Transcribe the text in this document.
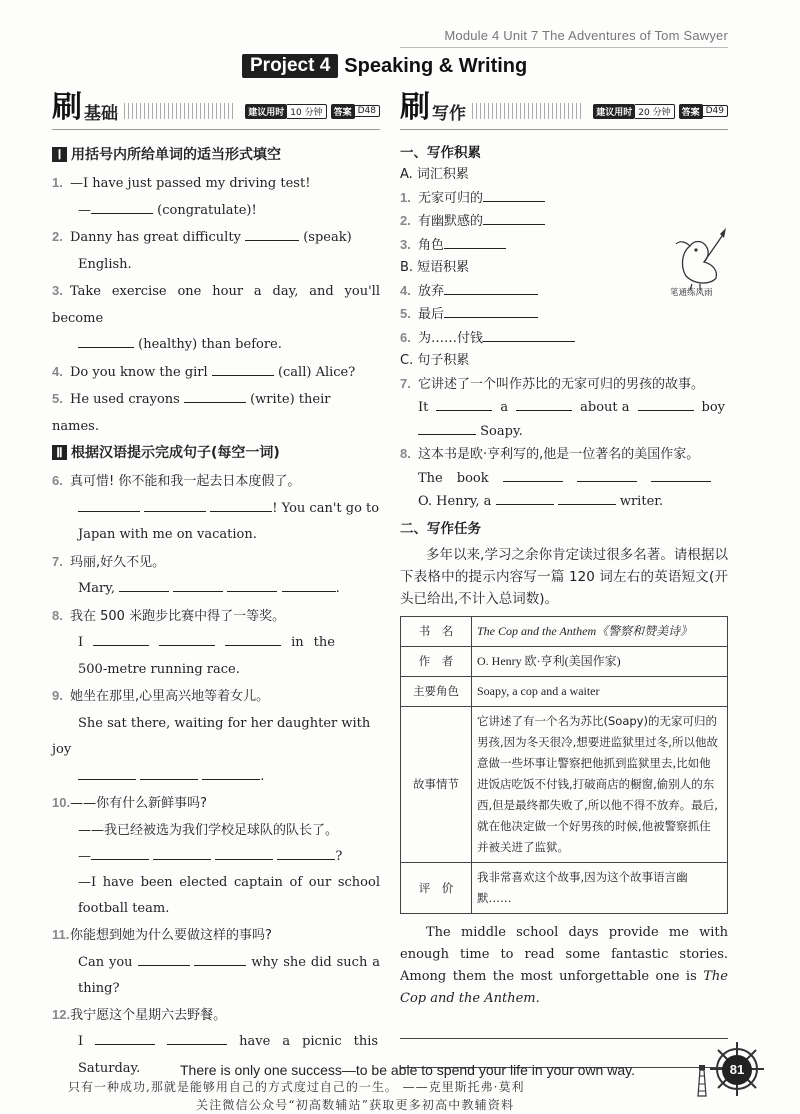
Module 4 Unit 7 The Adventures of Tom Sawyer
Project 4 Speaking & Writing
刷 基础	建议用时 10 分钟	答案 D48
Ⅰ 用括号内所给单词的适当形式填空
1. —I have just passed my driving test!
—	(congratulate)!
2. Danny has great difficulty	(speak)
English.
3. Take exercise one hour a day, and you'll become
(healthy) than before.
4. Do you know the girl	(call) Alice?
5. He used crayons	(write) their names.
Ⅱ 根据汉语提示完成句子(每空一词)
6. 真可惜! 你不能和我一起去日本度假了。
! You can't go to
Japan with me on vacation.
7. 玛丽,好久不见。
Mary,	.
8. 我在 500 米跑步比赛中得了一等奖。

I	in the
500-metre running race.
9. 她坐在那里,心里高兴地等着女儿。
She sat there, waiting for her daughter with joy
.
10.——你有什么新鲜事吗?

——我已经被选为我们学校足球队的队长了。
—	?
—I have been elected captain of our school football team.
11.你能想到她为什么要做这样的事吗?

Can you	why she did such a thing?
12.我宁愿这个星期六去野餐。

I	have a picnic this
Saturday.
刷 写作	建议用时 20 分钟	答案 D49
一、写作积累
A. 词汇积累
1. 无家可归的
2. 有幽默感的
3. 角色
B. 短语积累
4. 放弃
5. 最后
6. 为……付钱
笔通练风雨
C. 句子积累
7. 它讲述了一个叫作苏比的无家可归的男孩的故事。

It	a	about a	boy
Soapy.
8. 这本书是欧·亨利写的,他是一位著名的美国作家。

The book
O. Henry, a	writer.
二、写作任务
多年以来,学习之余你肯定读过很多名著。请根据以下表格中的提示内容写一篇 120 词左右的英语短文(开头已给出,不计入总词数)。
书　名	The Cop and the Anthem《警察和赞美诗》
作　者	O. Henry 欧·亨利(美国作家)
主要角色	Soapy, a cop and a waiter
故事情节	它讲述了有一个名为苏比(Soapy)的无家可归的男孩,因为冬天很冷,想要进监狱里过冬,所以他故意做一些坏事让警察把他抓到监狱里去,比如他进饭店吃饭不付钱,打破商店的橱窗,偷别人的东西,但是最终都失败了,所以他不得不放弃。最后,就在他决定做一个好男孩的时候,他被警察抓住并被关进了监狱。
评　价	我非常喜欢这个故事,因为这个故事语言幽默……
The middle school days provide me with enough time to read some fantastic stories. Among them the most unforgettable one is The Cop and the Anthem.
There is only one success—to be able to spend your life in your own way.
只有一种成功,那就是能够用自己的方式度过自己的一生。 ——克里斯托弗·莫利
关注微信公众号“初高数辅站”获取更多初高中教辅资料
81
